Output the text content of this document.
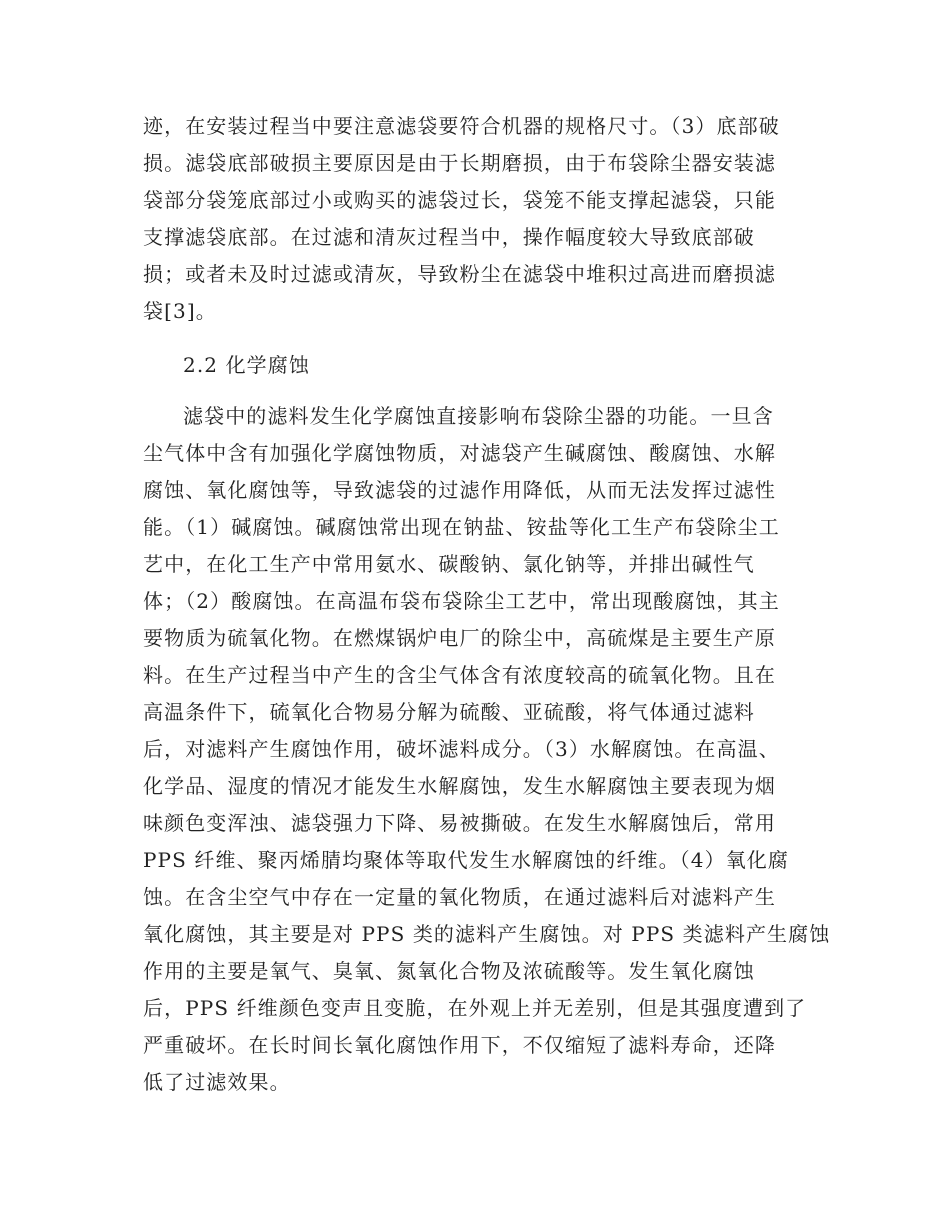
迹，在安装过程当中要注意滤袋要符合机器的规格尺寸。（3）底部破

损。滤袋底部破损主要原因是由于长期磨损，由于布袋除尘器安装滤

袋部分袋笼底部过小或购买的滤袋过长，袋笼不能支撑起滤袋，只能

支撑滤袋底部。在过滤和清灰过程当中，操作幅度较大导致底部破

损；或者未及时过滤或清灰，导致粉尘在滤袋中堆积过高进而磨损滤

袋[3]。

2.2 化学腐蚀

滤袋中的滤料发生化学腐蚀直接影响布袋除尘器的功能。一旦含

尘气体中含有加强化学腐蚀物质，对滤袋产生碱腐蚀、酸腐蚀、水解

腐蚀、氧化腐蚀等，导致滤袋的过滤作用降低，从而无法发挥过滤性

能。（1）碱腐蚀。碱腐蚀常出现在钠盐、铵盐等化工生产布袋除尘工

艺中，在化工生产中常用氨水、碳酸钠、氯化钠等，并排出碱性气

体；（2）酸腐蚀。在高温布袋布袋除尘工艺中，常出现酸腐蚀，其主

要物质为硫氧化物。在燃煤锅炉电厂的除尘中，高硫煤是主要生产原

料。在生产过程当中产生的含尘气体含有浓度较高的硫氧化物。且在

高温条件下，硫氧化合物易分解为硫酸、亚硫酸，将气体通过滤料

后，对滤料产生腐蚀作用，破坏滤料成分。（3）水解腐蚀。在高温、

化学品、湿度的情况才能发生水解腐蚀，发生水解腐蚀主要表现为烟

味颜色变浑浊、滤袋强力下降、易被撕破。在发生水解腐蚀后，常用

PPS 纤维、聚丙烯腈均聚体等取代发生水解腐蚀的纤维。（4）氧化腐

蚀。在含尘空气中存在一定量的氧化物质，在通过滤料后对滤料产生

氧化腐蚀，其主要是对 PPS 类的滤料产生腐蚀。对 PPS 类滤料产生腐蚀

作用的主要是氧气、臭氧、氮氧化合物及浓硫酸等。发生氧化腐蚀

后，PPS 纤维颜色变声且变脆，在外观上并无差别，但是其强度遭到了

严重破坏。在长时间长氧化腐蚀作用下，不仅缩短了滤料寿命，还降

低了过滤效果。
